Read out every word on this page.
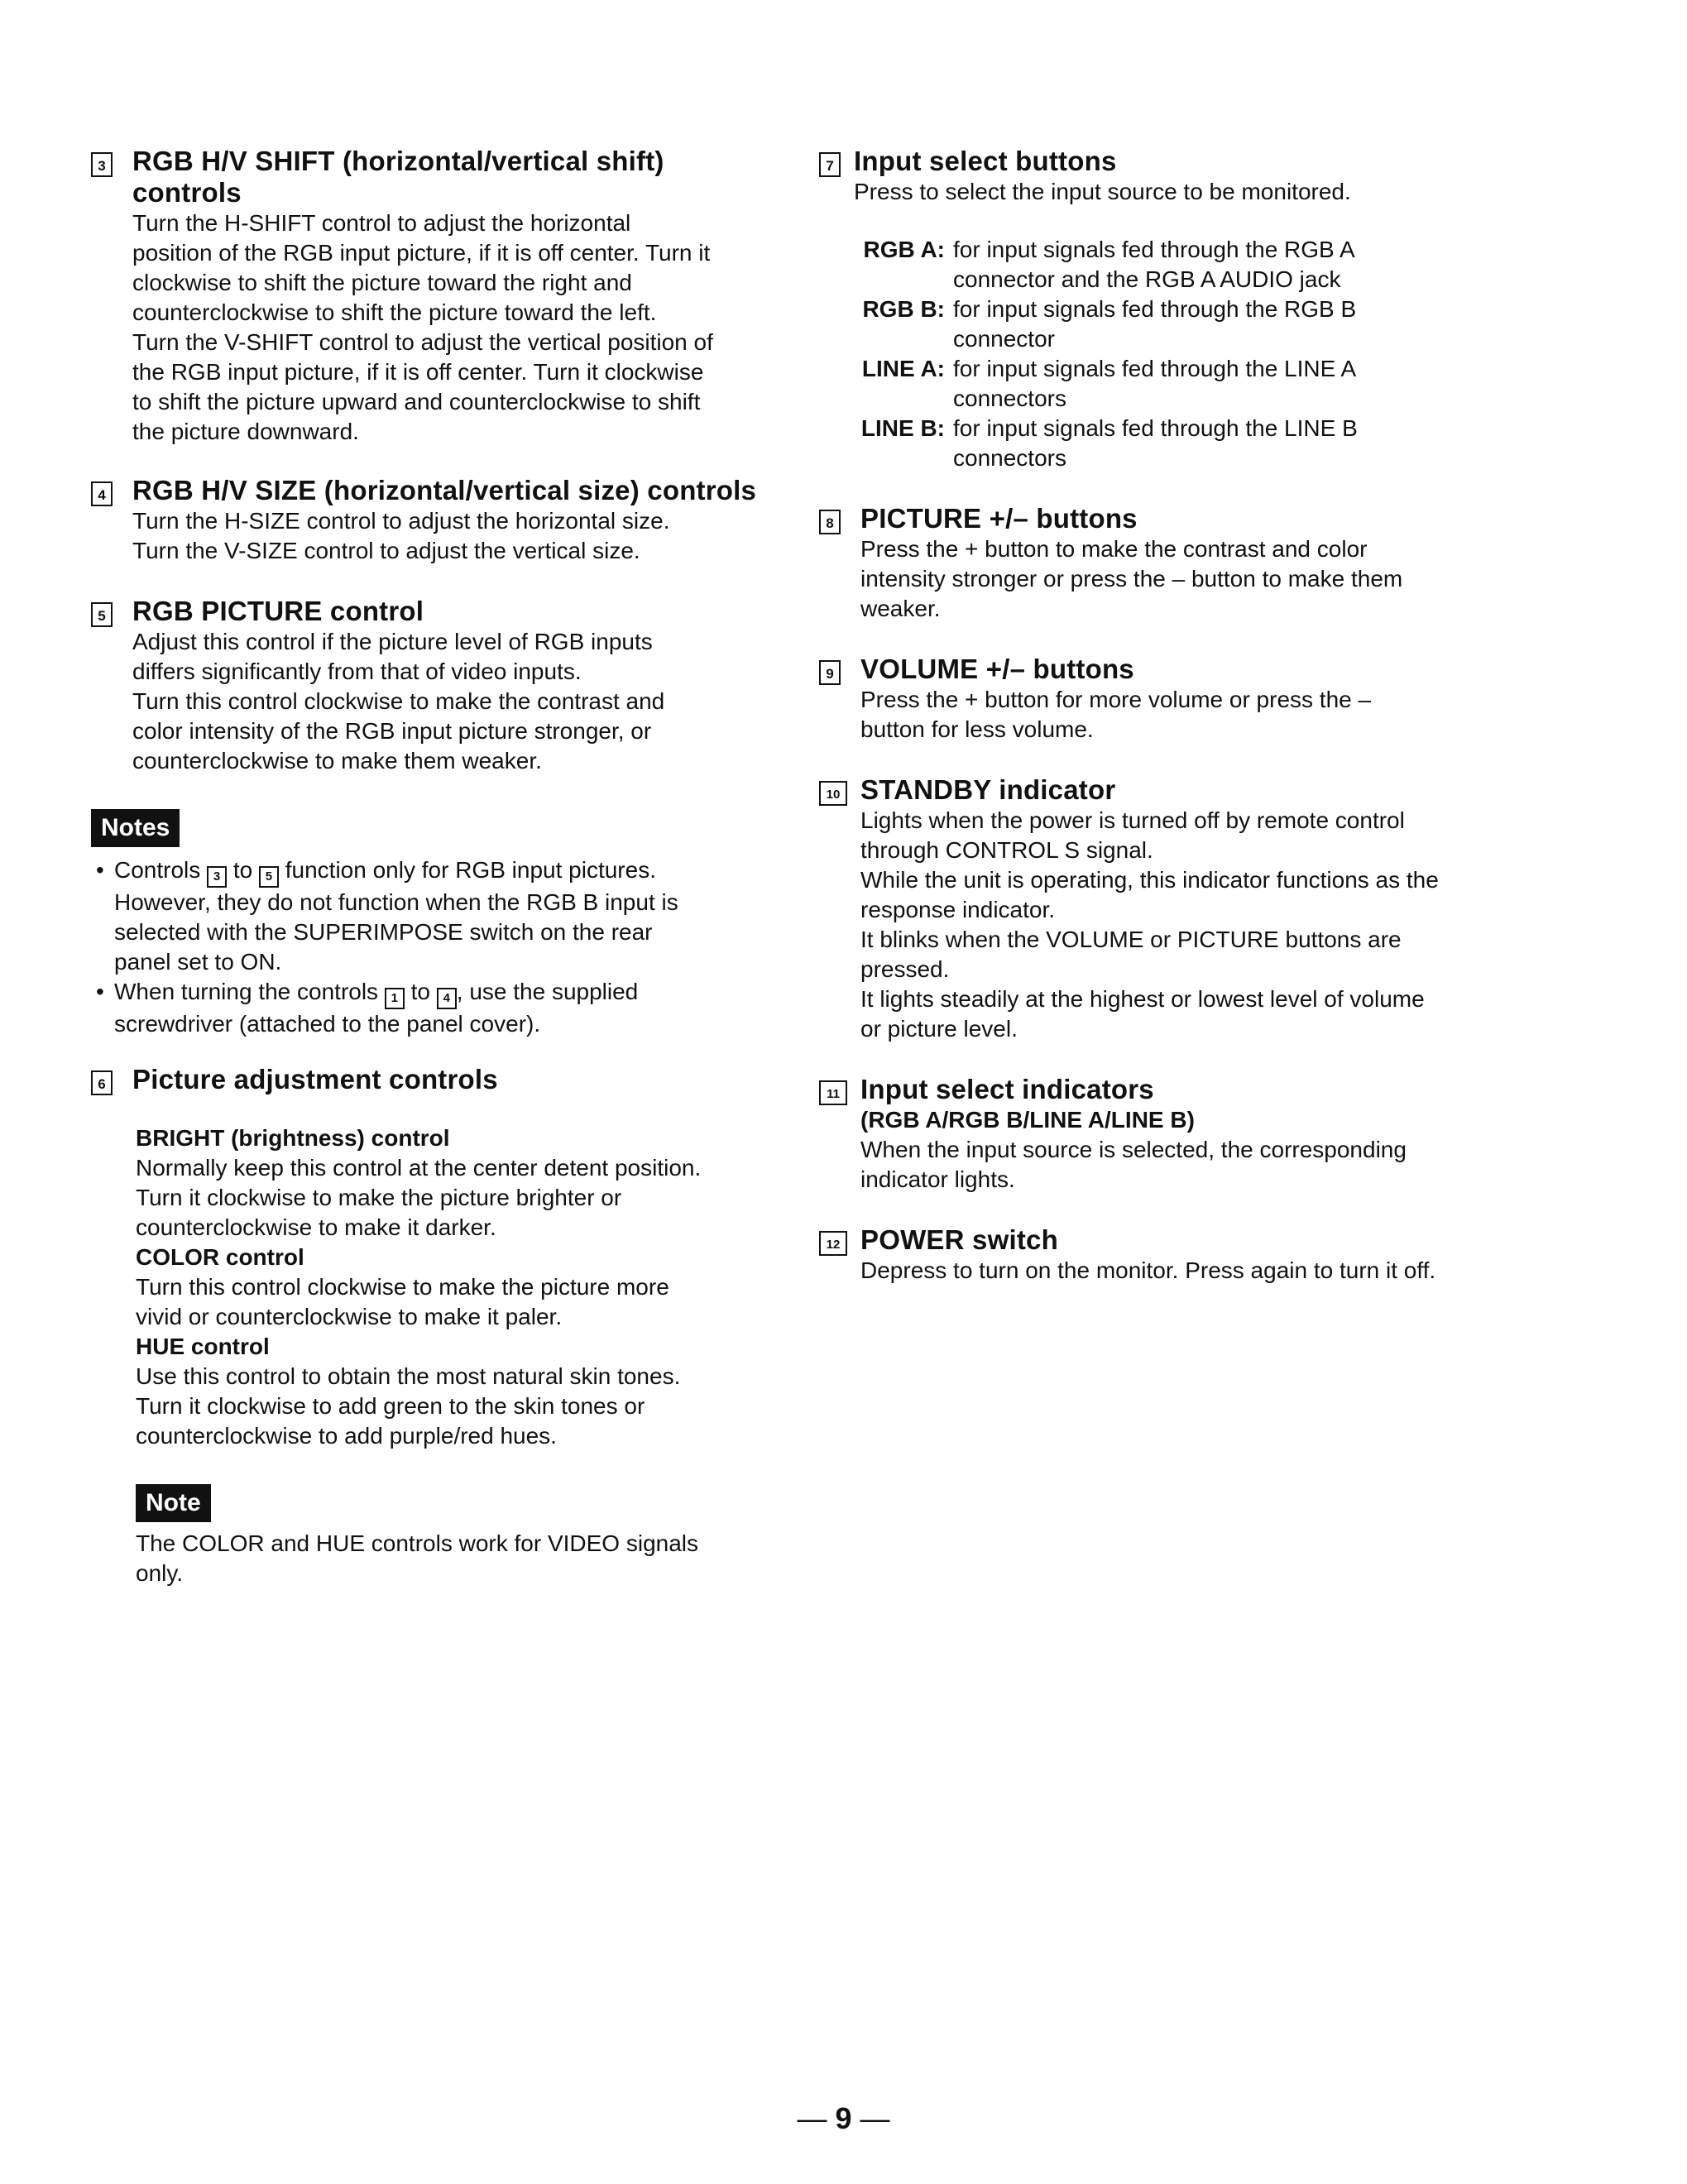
3 RGB H/V SHIFT (horizontal/vertical shift)
controls

Turn the H-SHIFT control to adjust the horizontal
position of the RGB input picture, if it is off center. Turn it
clockwise to shift the picture toward the right and
counterclockwise to shift the picture toward the left.
Turn the V-SHIFT control to adjust the vertical position of
the RGB input picture, if it is off center. Turn it clockwise
to shift the picture upward and counterclockwise to shift
the picture downward.

4 RGB H/V SIZE (horizontal/vertical size) controls

Turn the H-SIZE control to adjust the horizontal size.
Turn the V-SIZE control to adjust the vertical size.

5 RGB PICTURE control

Adjust this control if the picture level of RGB inputs
differs significantly from that of video inputs.
Turn this control clockwise to make the contrast and
color intensity of the RGB input picture stronger, or
counterclockwise to make them weaker.

Notes
• Controls 3 to 5 function only for RGB input pictures.
However, they do not function when the RGB B input is
selected with the SUPERIMPOSE switch on the rear
panel set to ON.
• When turning the controls 1 to 4 , use the supplied
screwdriver (attached to the panel cover).
6 Picture adjustment controls
BRIGHT (brightness) control

Normally keep this control at the center detent position.
Turn it clockwise to make the picture brighter or
counterclockwise to make it darker.

COLOR control

Turn this control clockwise to make the picture more
vivid or counterclockwise to make it paler.

HUE control

Use this control to obtain the most natural skin tones.
Turn it clockwise to add green to the skin tones or
counterclockwise to add purple/red hues.

Note

The COLOR and HUE controls work for VIDEO signals
only.

7 Input select buttons

Press to select the input source to be monitored.

RGB A: for input signals fed through the RGB A
connector and the RGB A AUDIO jack
RGB B: for input signals fed through the RGB B
connector
LINE A: for input signals fed through the LINE A
connectors
LINE B: for input signals fed through the LINE B
connectors
8 PICTURE +/– buttons

Press the + button to make the contrast and color
intensity stronger or press the – button to make them
weaker.

9 VOLUME +/– buttons

Press the + button for more volume or press the –
button for less volume.

10 STANDBY indicator

Lights when the power is turned off by remote control
through CONTROL S signal.
While the unit is operating, this indicator functions as the
response indicator.
It blinks when the VOLUME or PICTURE buttons are
pressed.
It lights steadily at the highest or lowest level of volume
or picture level.

11 Input select indicators
(RGB A/RGB B/LINE A/LINE B)

When the input source is selected, the corresponding
indicator lights.

12 POWER switch

Depress to turn on the monitor. Press again to turn it off.

— 9 —
